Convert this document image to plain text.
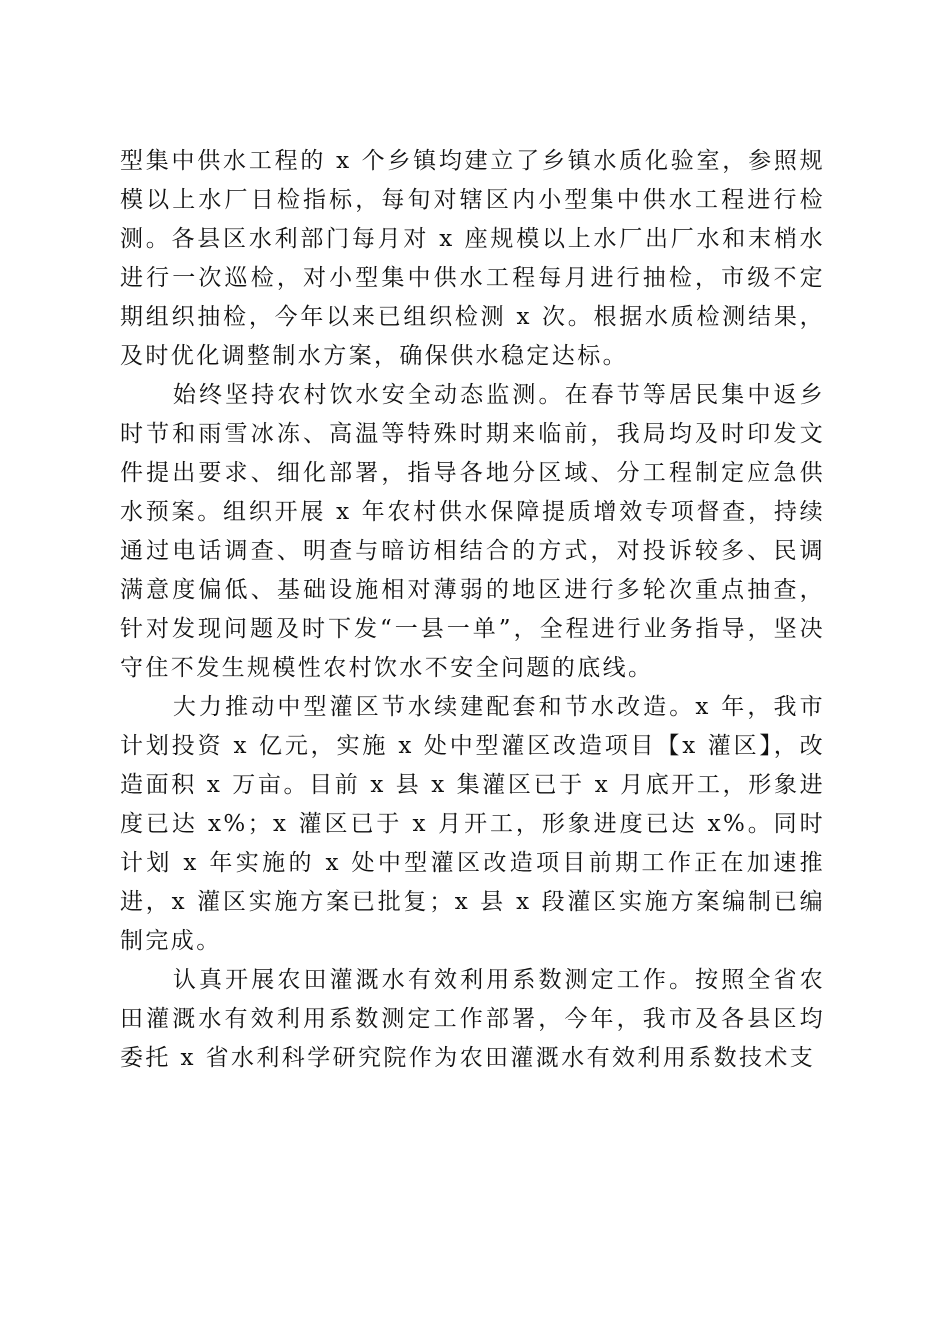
型集中供水工程的 x 个乡镇均建立了乡镇水质化验室，参照规模以上水厂日检指标，每旬对辖区内小型集中供水工程进行检测。各县区水利部门每月对 x 座规模以上水厂出厂水和末梢水进行一次巡检，对小型集中供水工程每月进行抽检，市级不定期组织抽检，今年以来已组织检测 x 次。根据水质检测结果，及时优化调整制水方案，确保供水稳定达标。

始终坚持农村饮水安全动态监测。在春节等居民集中返乡时节和雨雪冰冻、高温等特殊时期来临前，我局均及时印发文件提出要求、细化部署，指导各地分区域、分工程制定应急供水预案。组织开展 x 年农村供水保障提质增效专项督查，持续通过电话调查、明查与暗访相结合的方式，对投诉较多、民调满意度偏低、基础设施相对薄弱的地区进行多轮次重点抽查，针对发现问题及时下发“一县一单”，全程进行业务指导，坚决守住不发生规模性农村饮水不安全问题的底线。

大力推动中型灌区节水续建配套和节水改造。x 年，我市计划投资 x 亿元，实施 x 处中型灌区改造项目【x 灌区】，改造面积 x 万亩。目前 x 县 x 集灌区已于 x 月底开工，形象进度已达 x%；x 灌区已于 x 月开工，形象进度已达 x%。同时计划 x 年实施的 x 处中型灌区改造项目前期工作正在加速推进，x 灌区实施方案已批复；x 县 x 段灌区实施方案编制已编制完成。

认真开展农田灌溉水有效利用系数测定工作。按照全省农田灌溉水有效利用系数测定工作部署，今年，我市及各县区均委托 x 省水利科学研究院作为农田灌溉水有效利用系数技术支
